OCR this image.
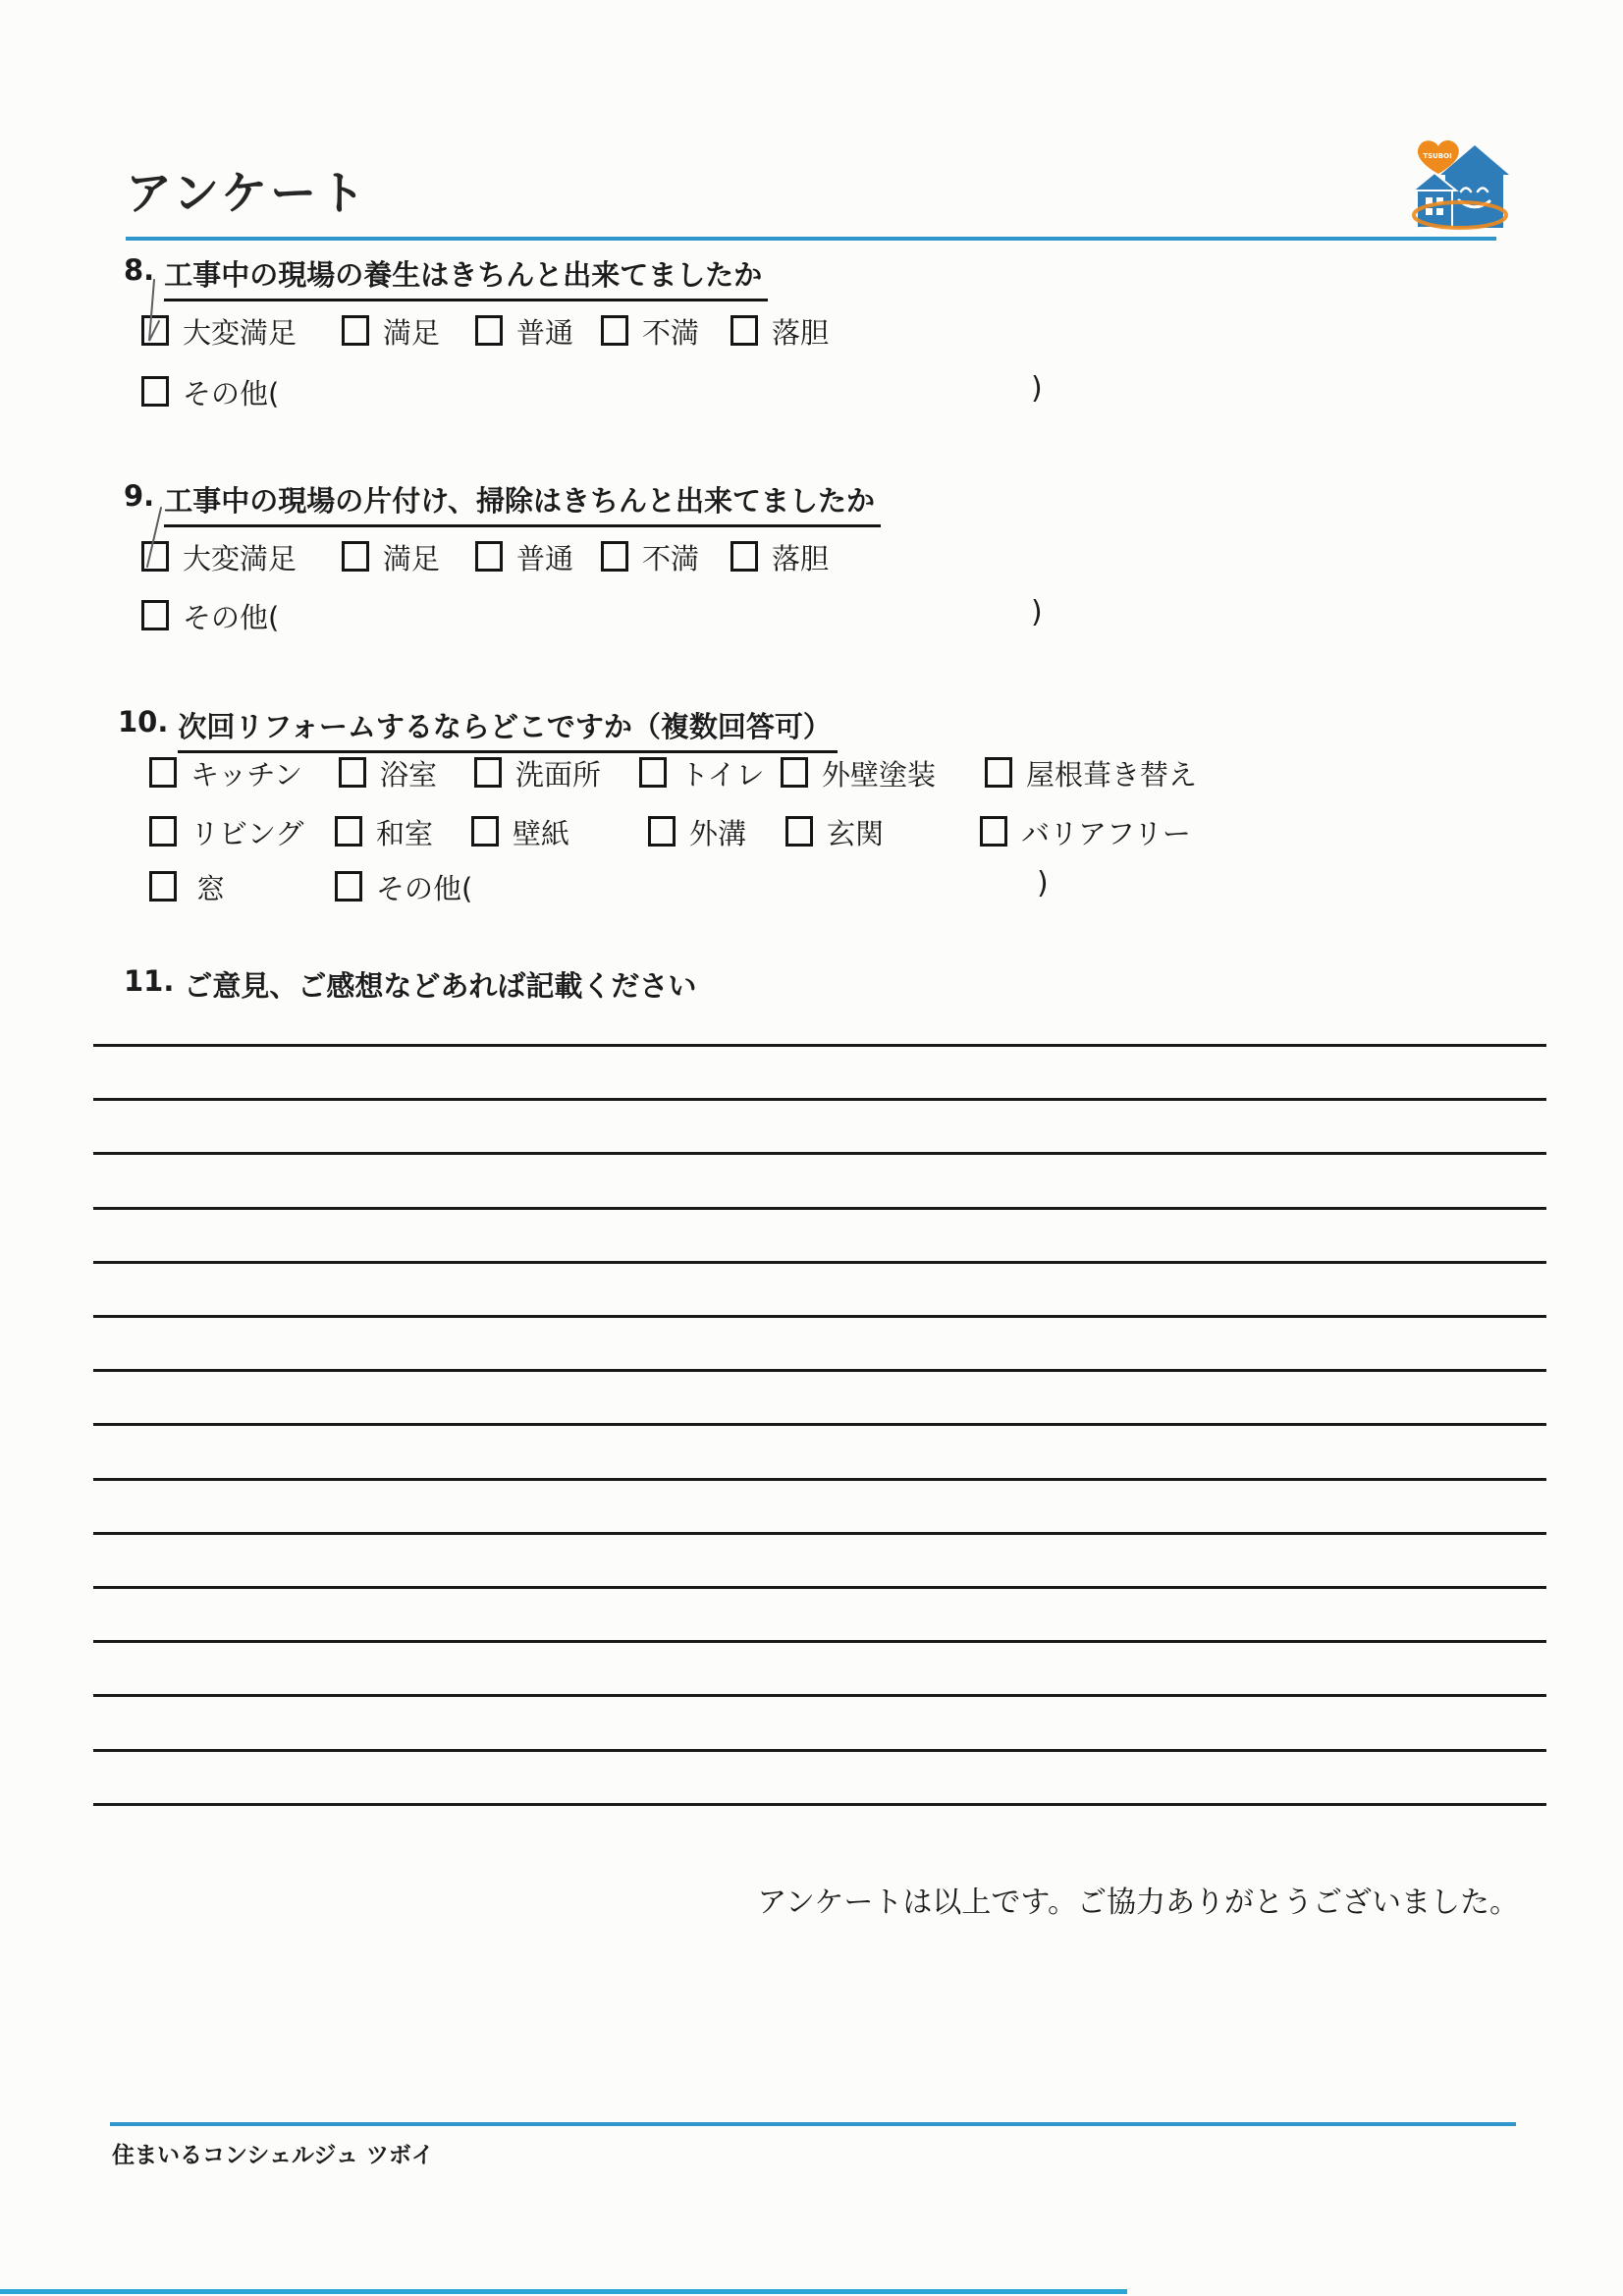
TSUBOI
アンケート
8. 工事中の現場の養生はきちんと出来てましたか
大変満足	満足	普通 不満	落胆
その他(	)
9. 工事中の現場の片付け、掃除はきちんと出来てましたか
大変満足	満足	普通 不満	落胆
その他(	)
10. 次回リフォームするならどこですか（複数回答可）
キッチン	浴室	洗面所	トイレ 外壁塗装	屋根葺き替え
リビング	和室	壁紙	外溝	玄関	バリアフリー
窓	その他(	)
11. ご意見、ご感想などあれば記載ください
アンケートは以上です。ご協力ありがとうございました。
住まいるコンシェルジュ ツボイ
